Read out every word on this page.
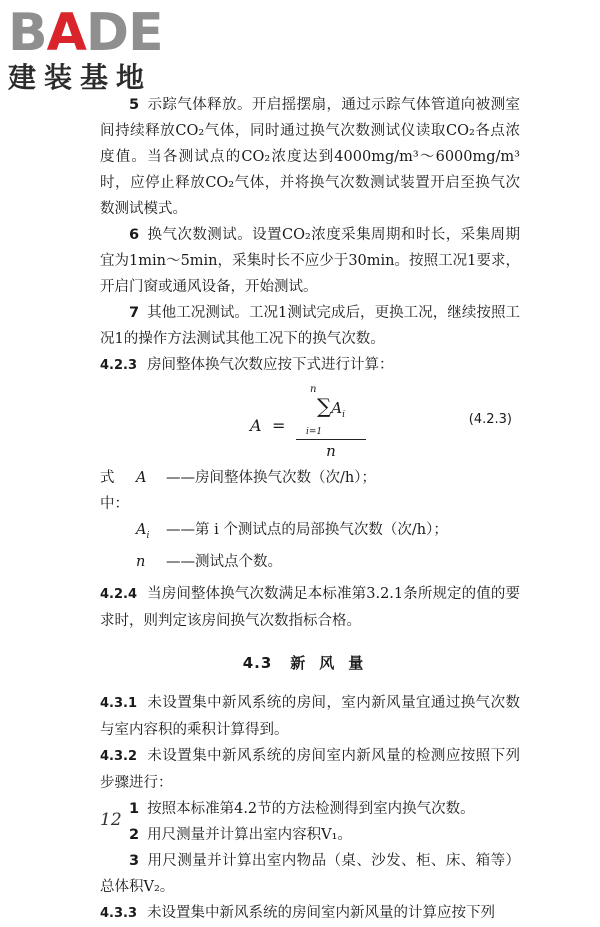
B A D E
建装基地

5 示踪气体释放。开启摇摆扇，通过示踪气体管道向被测室间持续释放CO₂气体，同时通过换气次数测试仪读取CO₂各点浓度值。当各测试点的CO₂浓度达到4000mg/m³～6000mg/m³时，应停止释放CO₂气体，并将换气次数测试装置开启至换气次数测试模式。

6 换气次数测试。设置CO₂浓度采集周期和时长，采集周期宜为1min～5min，采集时长不应少于30min。按照工况1要求，开启门窗或通风设备，开始测试。

7 其他工况测试。工况1测试完成后，更换工况，继续按照工况1的操作方法测试其他工况下的换气次数。

4.2.3 房间整体换气次数应按下式进行计算：

A =
n
$\sum A_i$
i=1
n
(4.2.3)
式中：
A	——房间整体换气次数（次/h）；
$A_i$	——第 i 个测试点的局部换气次数（次/h）；
n	——测试点个数。

4.2.4 当房间整体换气次数满足本标准第3.2.1条所规定的值的要求时，则判定该房间换气次数指标合格。

4.3 新风量

4.3.1 未设置集中新风系统的房间，室内新风量宜通过换气次数与室内容积的乘积计算得到。

4.3.2 未设置集中新风系统的房间室内新风量的检测应按照下列步骤进行：

1 按照本标准第4.2节的方法检测得到室内换气次数。

2 用尺测量并计算出室内容积V₁。

3 用尺测量并计算出室内物品（桌、沙发、柜、床、箱等）总体积V₂。

4.3.3 未设置集中新风系统的房间室内新风量的计算应按下列

12
